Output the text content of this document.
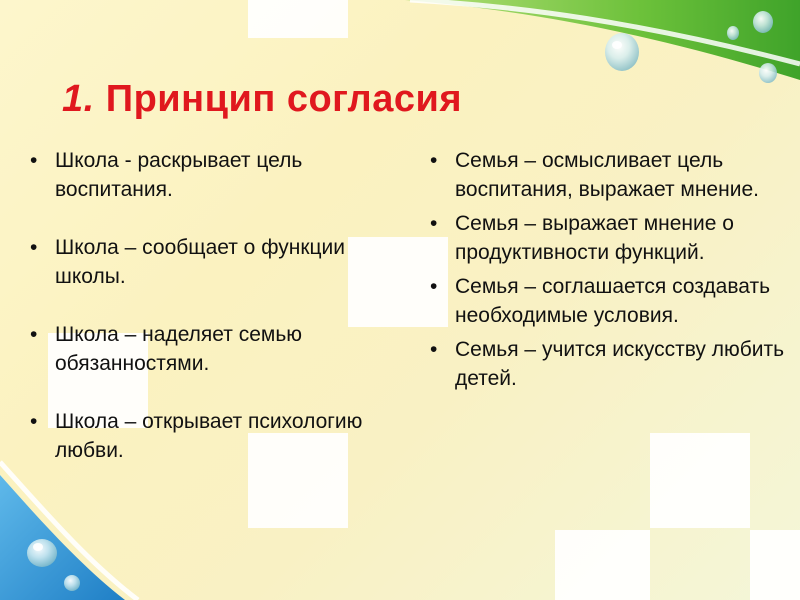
1. Принцип согласия
• Школа - раскрывает цель воспитания.
• Школа – сообщает о функции школы.
• Школа – наделяет семью обязанностями.
• Школа – открывает психологию любви.
• Семья – осмысливает цель воспитания, выражает мнение.
• Семья – выражает мнение о продуктивности функций.
• Семья – соглашается создавать необходимые условия.
• Семья – учится искусству любить детей.
